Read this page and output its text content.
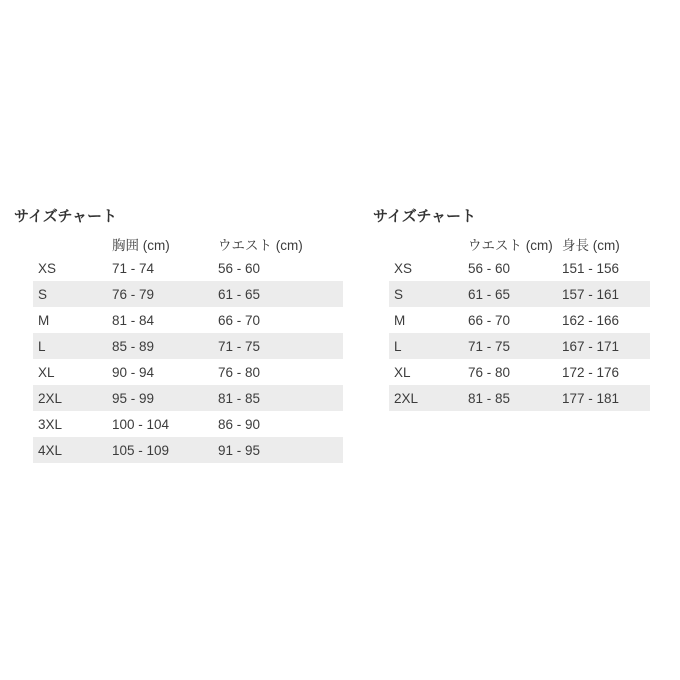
サイズチャート
	胸囲 (cm)	ウエスト (cm)
XS	71 - 74	56 - 60
S	76 - 79	61 - 65
M	81 - 84	66 - 70
L	85 - 89	71 - 75
XL	90 - 94	76 - 80
2XL	95 - 99	81 - 85
3XL	100 - 104	86 - 90
4XL	105 - 109	91 - 95
サイズチャート
	ウエスト (cm)	身長 (cm)
XS	56 - 60	151 - 156
S	61 - 65	157 - 161
M	66 - 70	162 - 166
L	71 - 75	167 - 171
XL	76 - 80	172 - 176
2XL	81 - 85	177 - 181
